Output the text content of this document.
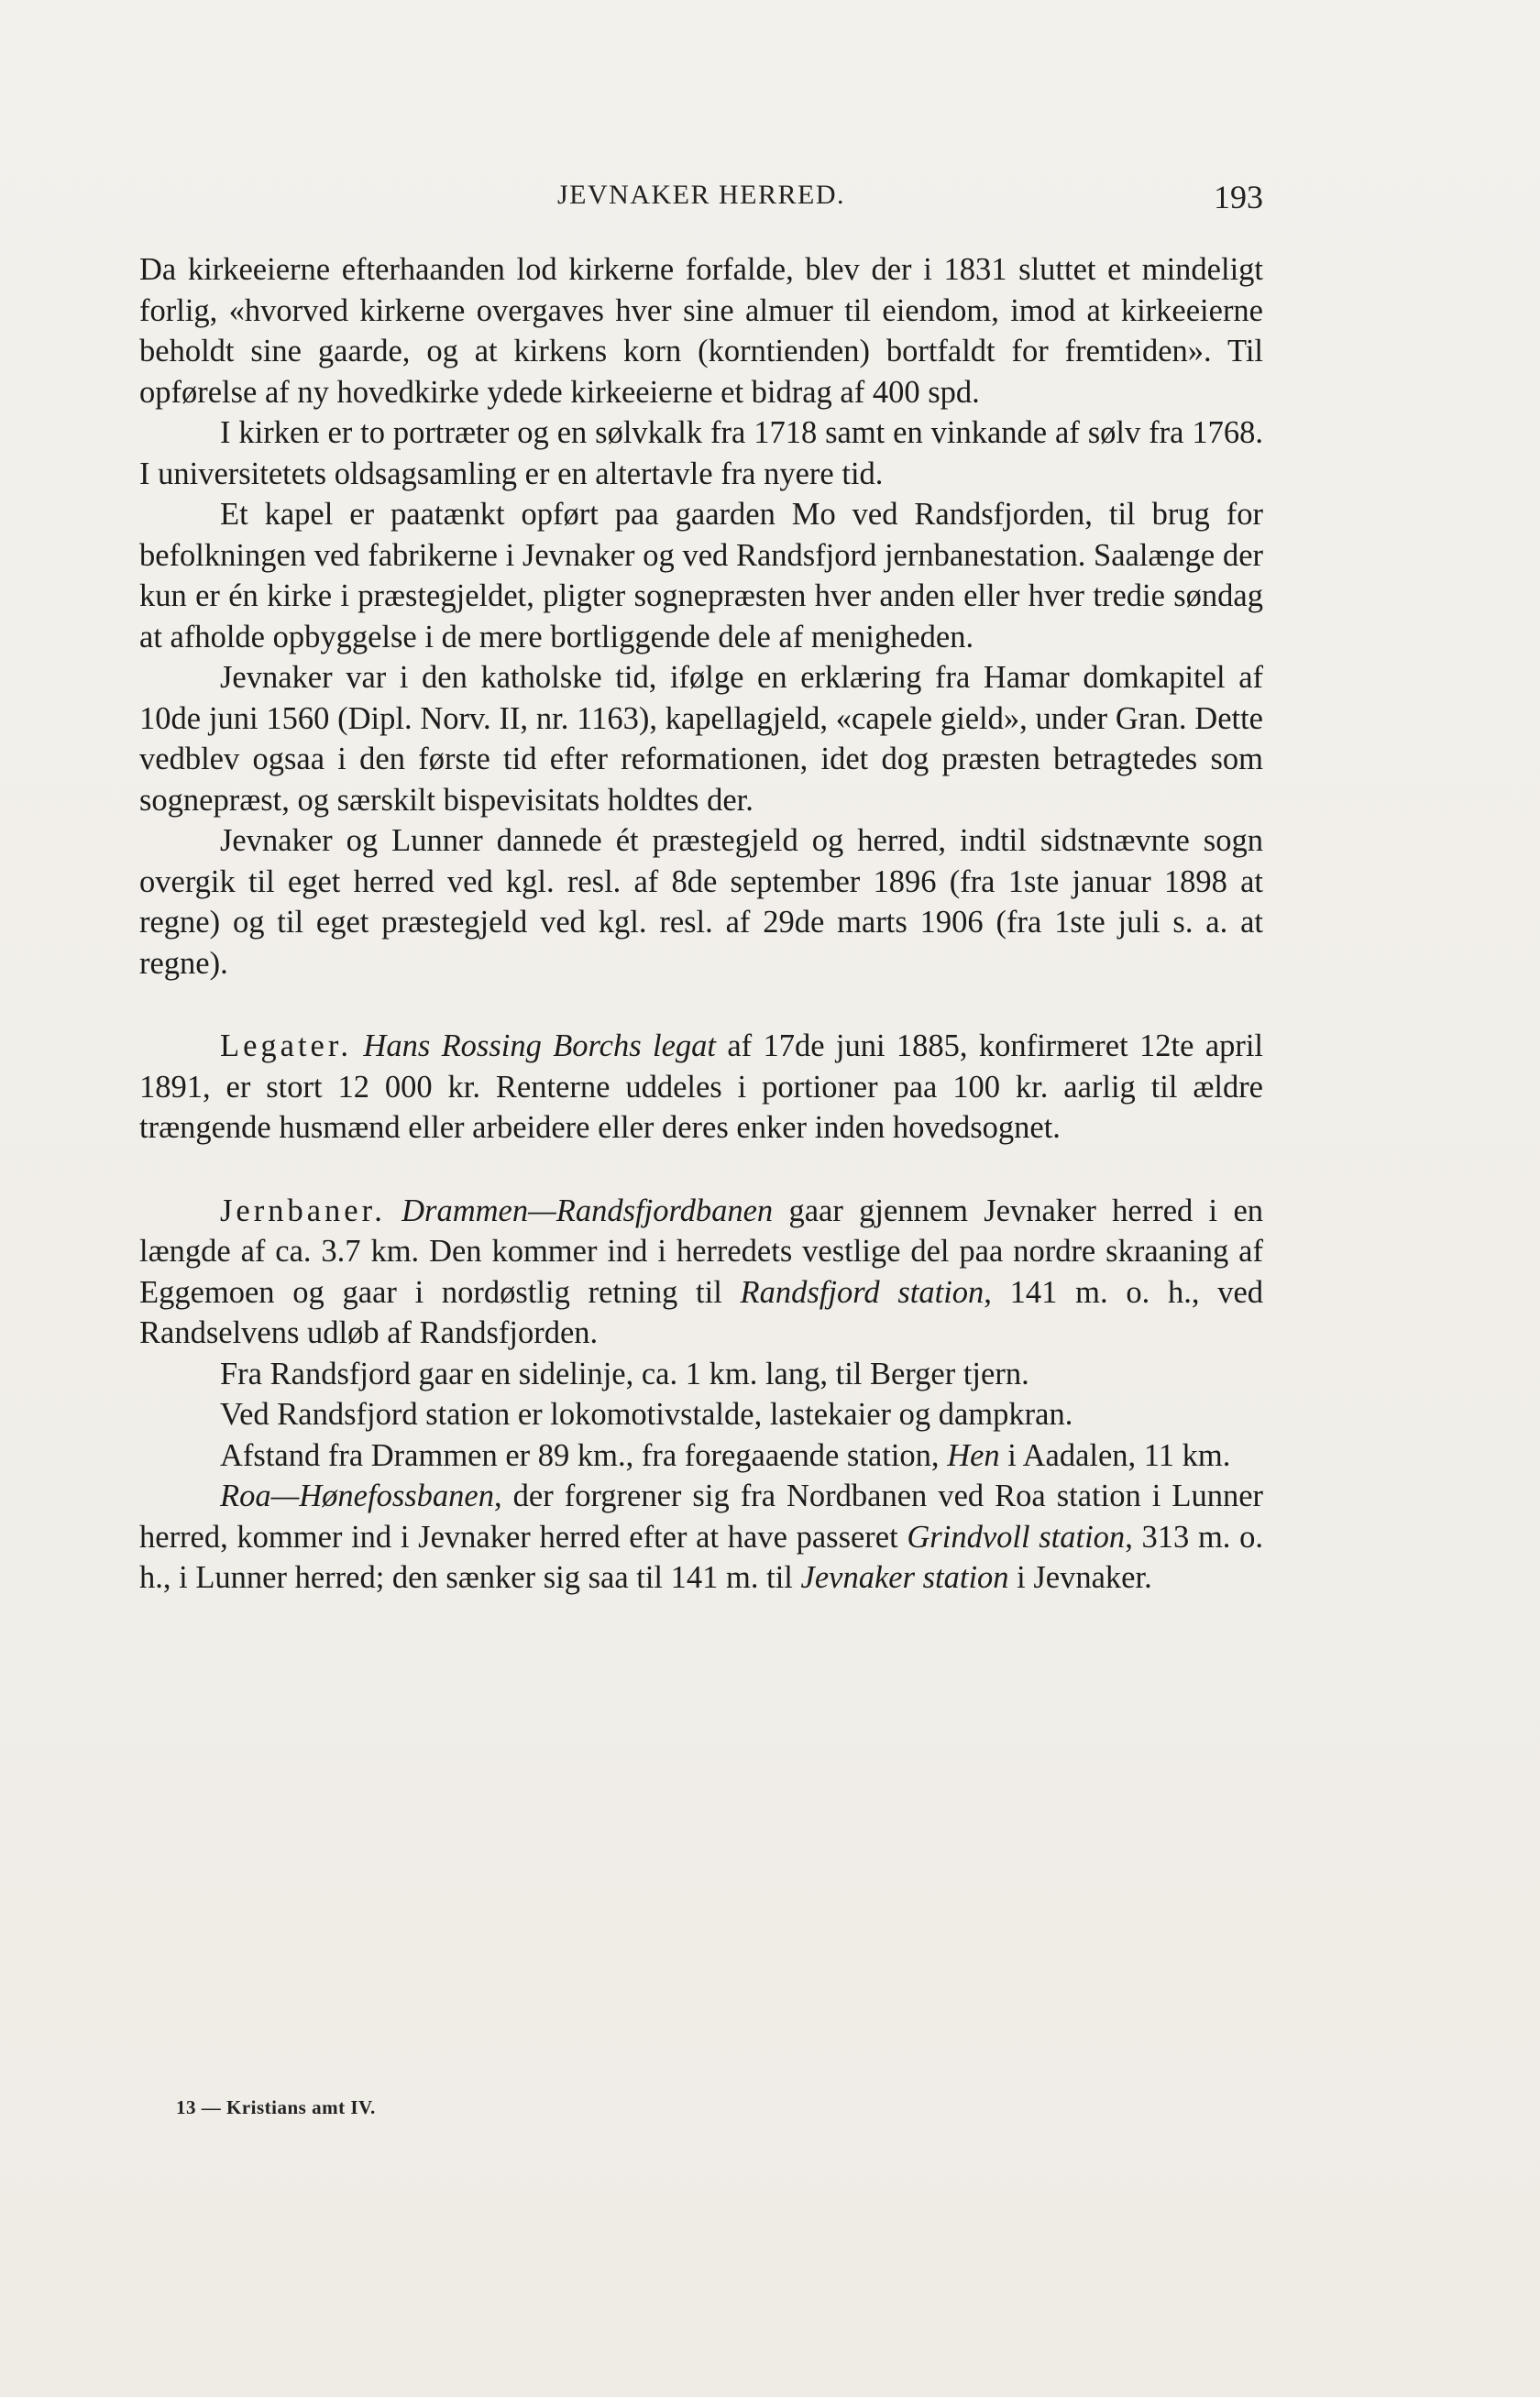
JEVNAKER HERRED.	193

Da kirkeeierne efterhaanden lod kirkerne forfalde, blev der i 1831 sluttet et mindeligt forlig, «hvorved kirkerne overgaves hver sine almuer til eiendom, imod at kirkeeierne beholdt sine gaarde, og at kirkens korn (korntienden) bortfaldt for fremtiden». Til opførelse af ny hovedkirke ydede kirkeeierne et bidrag af 400 spd.

I kirken er to portræter og en sølvkalk fra 1718 samt en vinkande af sølv fra 1768. I universitetets oldsagsamling er en altertavle fra nyere tid.

Et kapel er paatænkt opført paa gaarden Mo ved Randsfjorden, til brug for befolkningen ved fabrikerne i Jevnaker og ved Randsfjord jernbanestation. Saalænge der kun er én kirke i præstegjeldet, pligter sognepræsten hver anden eller hver tredie søndag at afholde opbyggelse i de mere bortliggende dele af menigheden.

Jevnaker var i den katholske tid, ifølge en erklæring fra Hamar domkapitel af 10de juni 1560 (Dipl. Norv. II, nr. 1163), kapellagjeld, «capele gield», under Gran. Dette vedblev ogsaa i den første tid efter reformationen, idet dog præsten betragtedes som sognepræst, og særskilt bispevisitats holdtes der.

Jevnaker og Lunner dannede ét præstegjeld og herred, indtil sidstnævnte sogn overgik til eget herred ved kgl. resl. af 8de september 1896 (fra 1ste januar 1898 at regne) og til eget præstegjeld ved kgl. resl. af 29de marts 1906 (fra 1ste juli s. a. at regne).

Legater. Hans Rossing Borchs legat af 17de juni 1885, konfirmeret 12te april 1891, er stort 12 000 kr. Renterne uddeles i portioner paa 100 kr. aarlig til ældre trængende husmænd eller arbeidere eller deres enker inden hovedsognet.

Jernbaner. Drammen—Randsfjordbanen gaar gjennem Jevnaker herred i en længde af ca. 3.7 km. Den kommer ind i herredets vestlige del paa nordre skraaning af Eggemoen og gaar i nordøstlig retning til Randsfjord station, 141 m. o. h., ved Randselvens udløb af Randsfjorden.

Fra Randsfjord gaar en sidelinje, ca. 1 km. lang, til Berger tjern.

Ved Randsfjord station er lokomotivstalde, lastekaier og dampkran.

Afstand fra Drammen er 89 km., fra foregaaende station, Hen i Aadalen, 11 km.

Roa—Hønefossbanen, der forgrener sig fra Nordbanen ved Roa station i Lunner herred, kommer ind i Jevnaker herred efter at have passeret Grindvoll station, 313 m. o. h., i Lunner herred; den sænker sig saa til 141 m. til Jevnaker station i Jevnaker.

13 — Kristians amt IV.
